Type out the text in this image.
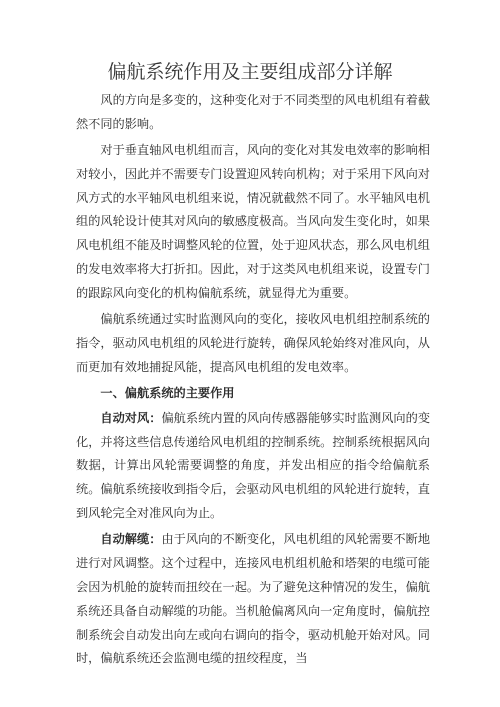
偏航系统作用及主要组成部分详解

风的方向是多变的，这种变化对于不同类型的风电机组有着截然不同的影响。

对于垂直轴风电机组而言，风向的变化对其发电效率的影响相对较小，因此并不需要专门设置迎风转向机构；对于采用下风向对风方式的水平轴风电机组来说，情况就截然不同了。水平轴风电机组的风轮设计使其对风向的敏感度极高。当风向发生变化时，如果风电机组不能及时调整风轮的位置，处于迎风状态，那么风电机组的发电效率将大打折扣。因此，对于这类风电机组来说，设置专门的跟踪风向变化的机构偏航系统，就显得尤为重要。

偏航系统通过实时监测风向的变化，接收风电机组控制系统的指令，驱动风电机组的风轮进行旋转，确保风轮始终对准风向，从而更加有效地捕捉风能，提高风电机组的发电效率。

一、偏航系统的主要作用

自动对风：偏航系统内置的风向传感器能够实时监测风向的变化，并将这些信息传递给风电机组的控制系统。控制系统根据风向数据，计算出风轮需要调整的角度，并发出相应的指令给偏航系统。偏航系统接收到指令后，会驱动风电机组的风轮进行旋转，直到风轮完全对准风向为止。

自动解缆：由于风向的不断变化，风电机组的风轮需要不断地进行对风调整。这个过程中，连接风电机组机舱和塔架的电缆可能会因为机舱的旋转而扭绞在一起。为了避免这种情况的发生，偏航系统还具备自动解缆的功能。当机舱偏离风向一定角度时，偏航控制系统会自动发出向左或向右调向的指令，驱动机舱开始对风。同时，偏航系统还会监测电缆的扭绞程度，当
